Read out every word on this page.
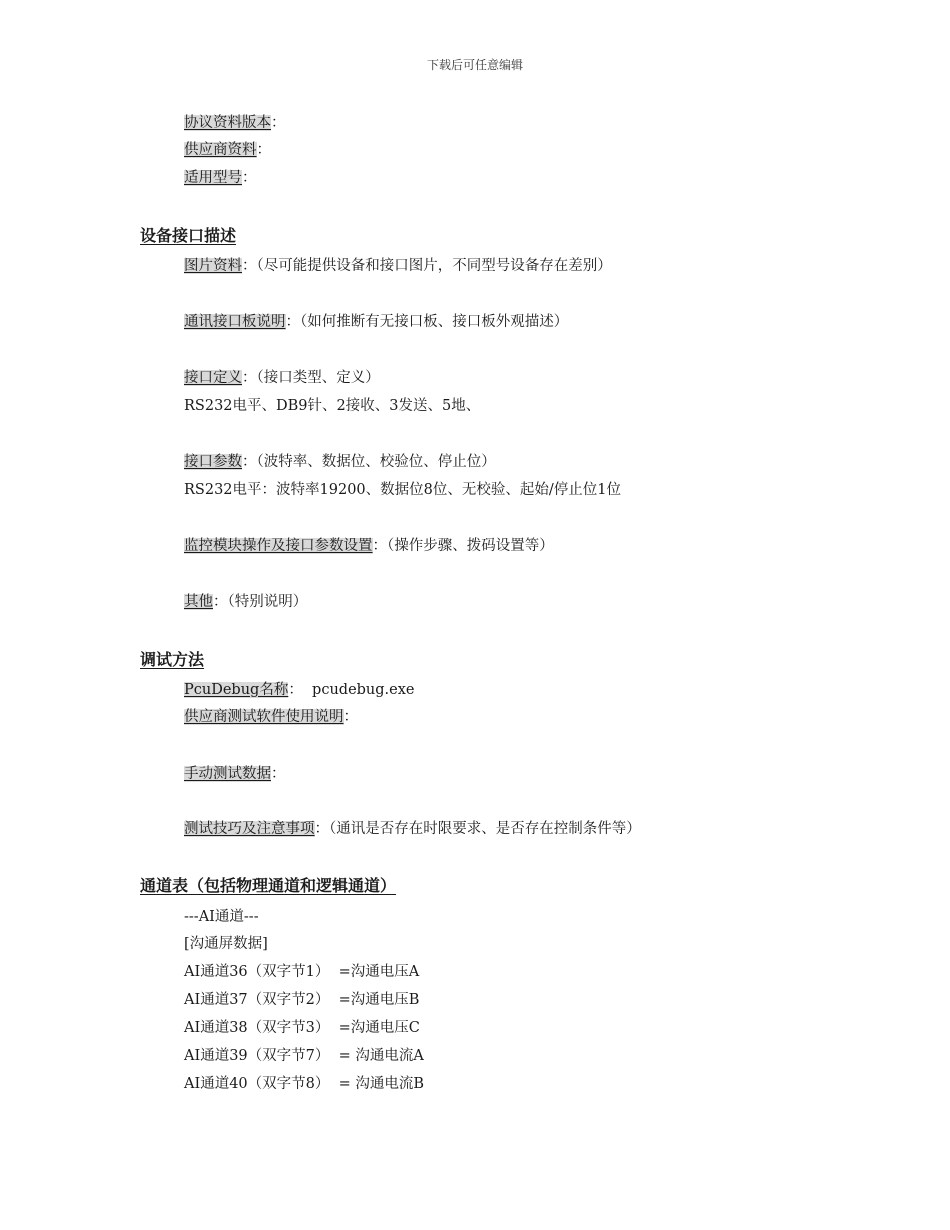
下载后可任意编辑
协议资料版本：
供应商资料：
适用型号：
设备接口描述
图片资料：（尽可能提供设备和接口图片，不同型号设备存在差别）
通讯接口板说明：（如何推断有无接口板、接口板外观描述）
接口定义：（接口类型、定义）
RS232电平、DB9针、2接收、3发送、5地、
接口参数：（波特率、数据位、校验位、停止位）
RS232电平：波特率19200、数据位8位、无校验、起始/停止位1位
监控模块操作及接口参数设置：（操作步骤、拨码设置等）
其他：（特别说明）
调试方法
PcuDebug名称： pcudebug.exe
供应商测试软件使用说明：
手动测试数据：
测试技巧及注意事项：（通讯是否存在时限要求、是否存在控制条件等）
通道表（包括物理通道和逻辑通道）
---AI通道---
[沟通屏数据]
AI通道36（双字节1）  =沟通电压A
AI通道37（双字节2）  =沟通电压B
AI通道38（双字节3）  =沟通电压C
AI通道39（双字节7）  = 沟通电流A
AI通道40（双字节8）  = 沟通电流B
